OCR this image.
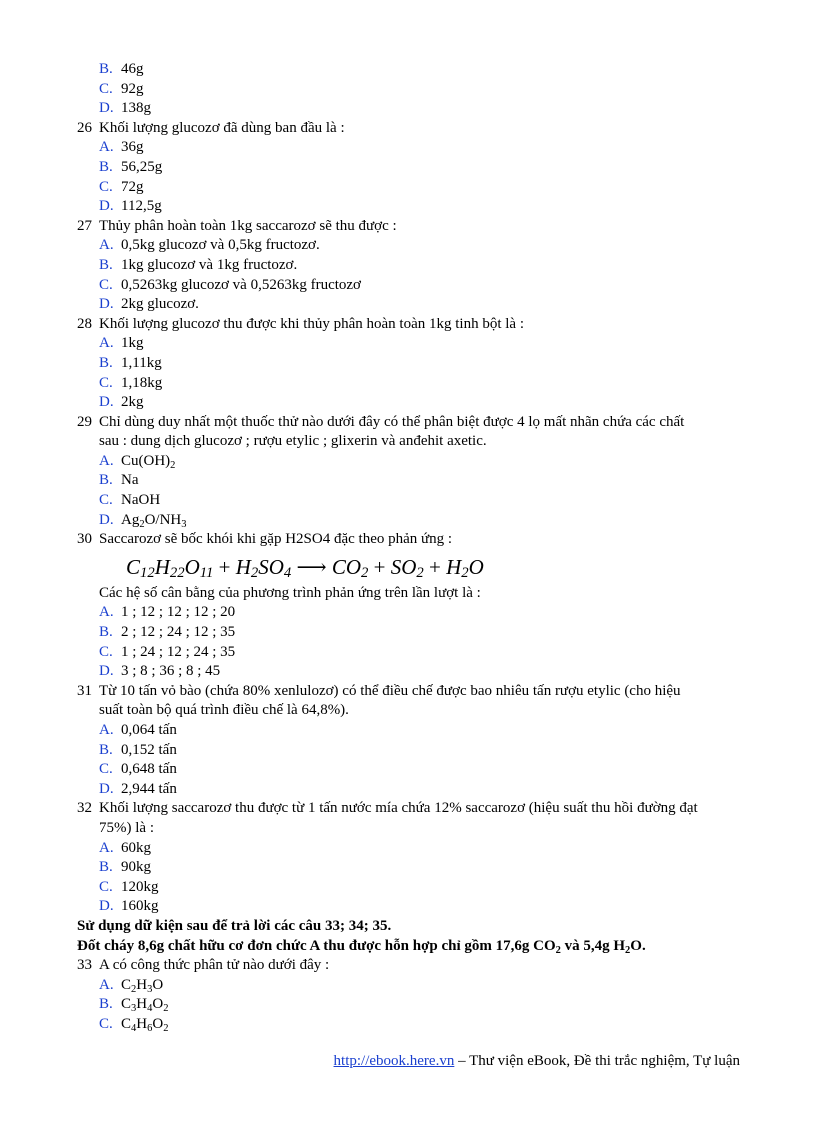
B. 46g
C. 92g
D. 138g
26 Khối lượng glucozơ đã dùng ban đầu là :
A. 36g
B. 56,25g
C. 72g
D. 112,5g
27 Thủy phân hoàn toàn 1kg saccarozơ sẽ thu được :
A. 0,5kg glucozơ và 0,5kg fructozơ.
B. 1kg glucozơ và 1kg fructozơ.
C. 0,5263kg glucozơ và 0,5263kg fructozơ
D. 2kg glucozơ.
28 Khối lượng glucozơ thu được khi thủy phân hoàn toàn 1kg tinh bột là :
A. 1kg
B. 1,11kg
C. 1,18kg
D. 2kg
29 Chỉ dùng duy nhất một thuốc thử nào dưới đây có thể phân biệt được 4 lọ mất nhãn chứa các chất
sau : dung dịch glucozơ ; rượu etylic ; glixerin và anđehit axetic.
A. $Cu(OH)_2$
B. Na
C. NaOH
D. $Ag_2O/NH_3$
30 Saccarozơ sẽ bốc khói khi gặp H2SO4 đặc theo phản ứng :
$C_{12}H_{22}O_{11} + H_2SO_4$ ⟶ $CO_2 + SO_2 + H_2O$
Các hệ số cân bằng của phương trình phản ứng trên lần lượt là :
A. 1 ; 12 ; 12 ; 12 ; 20
B. 2 ; 12 ; 24 ; 12 ; 35
C. 1 ; 24 ; 12 ; 24 ; 35
D. 3 ; 8 ; 36 ; 8 ; 45
31 Từ 10 tấn vỏ bào (chứa 80% xenlulozơ) có thể điều chế được bao nhiêu tấn rượu etylic (cho hiệu
suất toàn bộ quá trình điều chế là 64,8%).
A. 0,064 tấn
B. 0,152 tấn
C. 0,648 tấn
D. 2,944 tấn
32 Khối lượng saccarozơ thu được từ 1 tấn nước mía chứa 12% saccarozơ (hiệu suất thu hồi đường đạt
75%) là :
A. 60kg
B. 90kg
C. 120kg
D. 160kg
Sử dụng dữ kiện sau để trả lời các câu 33; 34; 35.
Đốt cháy 8,6g chất hữu cơ đơn chức A thu được hỗn hợp chỉ gồm 17,6g $CO_2$ và 5,4g $H_2O$.
33 A có công thức phân tử nào dưới đây :
A. $C_2H_3O$
B. $C_3H_4O_2$
C. $C_4H_6O_2$
http://ebook.here.vn – Thư viện eBook, Đề thi trắc nghiệm, Tự luận
